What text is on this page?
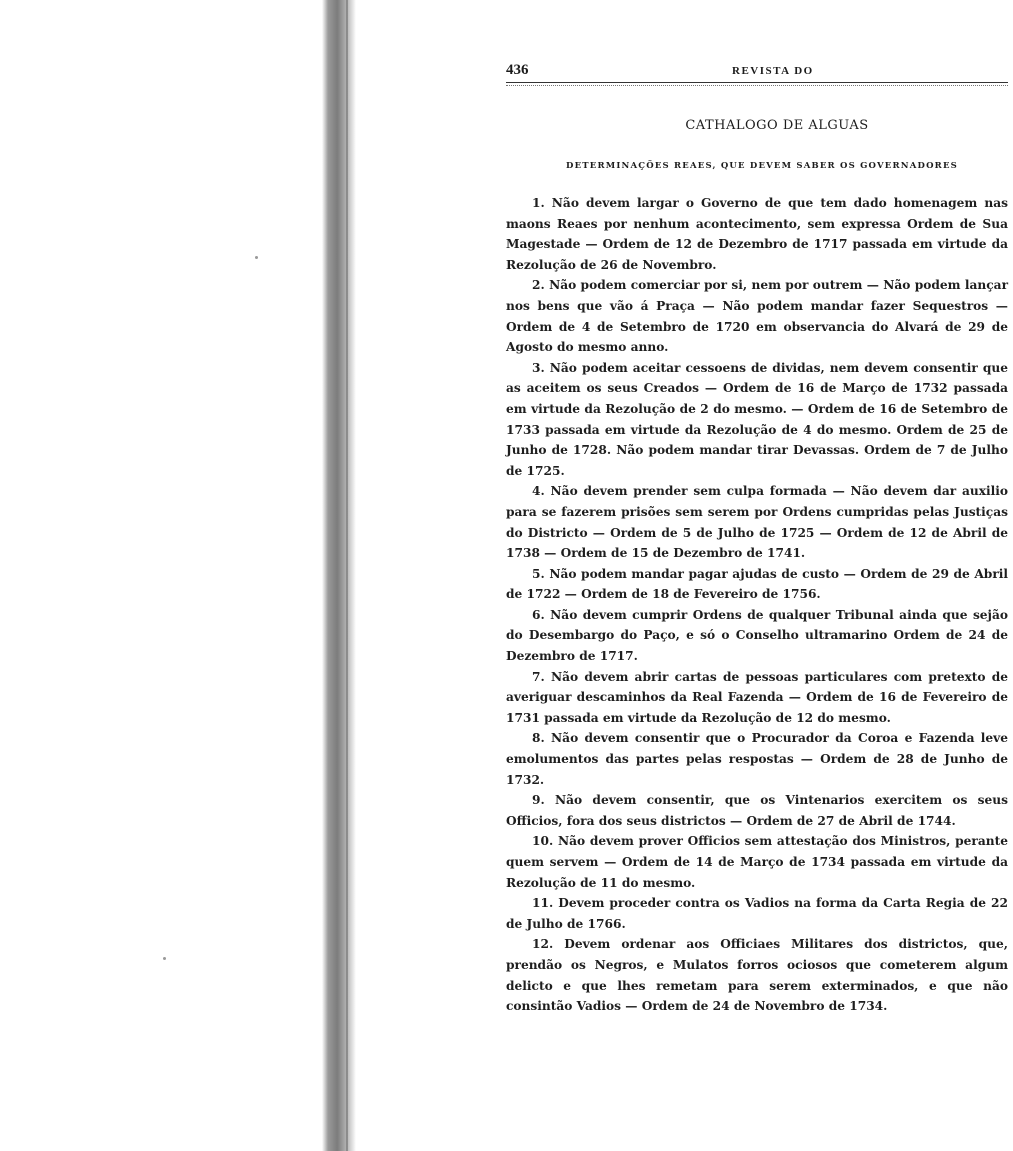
436	REVISTA DO
CATHALOGO DE ALGUAS
DETERMINAÇÕES REAES, QUE DEVEM SABER OS GOVERNADORES

1. Não devem largar o Governo de que tem dado homenagem nas maons Reaes por nenhum acontecimento, sem expressa Ordem de Sua Magestade — Ordem de 12 de Dezembro de 1717 passada em virtude da Rezolução de 26 de Novembro.

2. Não podem comerciar por si, nem por outrem — Não podem lançar nos bens que vão á Praça — Não podem mandar fazer Sequestros — Ordem de 4 de Setembro de 1720 em observancia do Alvará de 29 de Agosto do mesmo anno.

3. Não podem aceitar cessoens de dividas, nem devem consentir que as aceitem os seus Creados — Ordem de 16 de Março de 1732 passada em virtude da Rezolução de 2 do mesmo. — Ordem de 16 de Setembro de 1733 passada em virtude da Rezolução de 4 do mesmo. Ordem de 25 de Junho de 1728. Não podem mandar tirar Devassas. Ordem de 7 de Julho de 1725.

4. Não devem prender sem culpa formada — Não devem dar auxilio para se fazerem prisões sem serem por Ordens cumpridas pelas Justiças do Districto — Ordem de 5 de Julho de 1725 — Ordem de 12 de Abril de 1738 — Ordem de 15 de Dezembro de 1741.

5. Não podem mandar pagar ajudas de custo — Ordem de 29 de Abril de 1722 — Ordem de 18 de Fevereiro de 1756.

6. Não devem cumprir Ordens de qualquer Tribunal ainda que sejão do Desembargo do Paço, e só o Conselho ultramarino Ordem de 24 de Dezembro de 1717.

7. Não devem abrir cartas de pessoas particulares com pretexto de averiguar descaminhos da Real Fazenda — Ordem de 16 de Fevereiro de 1731 passada em virtude da Rezolução de 12 do mesmo.

8. Não devem consentir que o Procurador da Coroa e Fazenda leve emolumentos das partes pelas respostas — Ordem de 28 de Junho de 1732.

9. Não devem consentir, que os Vintenarios exercitem os seus Officios, fora dos seus districtos — Ordem de 27 de Abril de 1744.

10. Não devem prover Officios sem attestação dos Ministros, perante quem servem — Ordem de 14 de Março de 1734 passada em virtude da Rezolução de 11 do mesmo.

11. Devem proceder contra os Vadios na forma da Carta Regia de 22 de Julho de 1766.

12. Devem ordenar aos Officiaes Militares dos districtos, que, prendão os Negros, e Mulatos forros ociosos que cometerem algum delicto e que lhes remetam para serem exterminados, e que não consintão Vadios — Ordem de 24 de Novembro de 1734.
